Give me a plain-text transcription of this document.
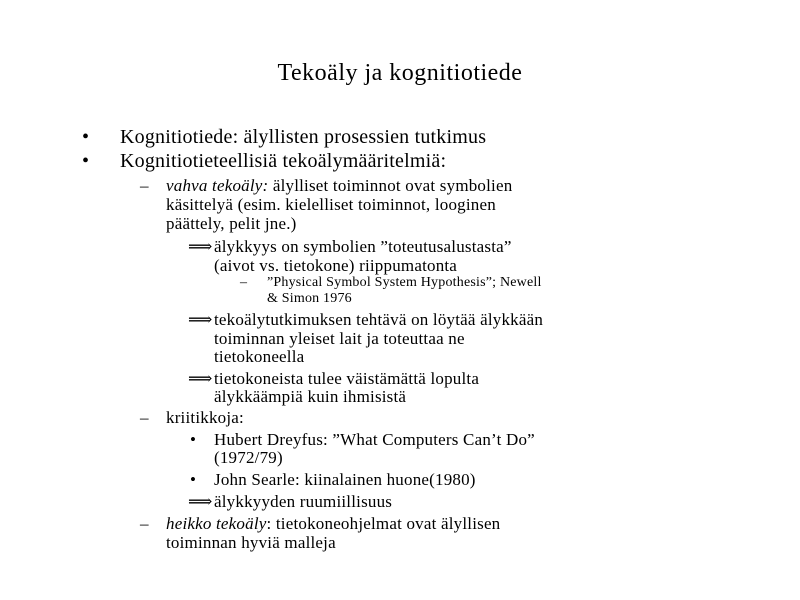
Tekoäly ja kognitiotiede
• Kognitiotiede: älyllisten prosessien tutkimus
• Kognitiotieteellisiä tekoälymääritelmiä:
– vahva tekoäly: älylliset toiminnot ovat symbolien
käsittelyä (esim. kielelliset toiminnot, looginen
päättely, pelit jne.)
⟹ älykkyys on symbolien ”toteutusalustasta”
(aivot vs. tietokone) riippumatonta
– ”Physical Symbol System Hypothesis”; Newell
& Simon 1976
⟹ tekoälytutkimuksen tehtävä on löytää älykkään
toiminnan yleiset lait ja toteuttaa ne
tietokoneella
⟹ tietokoneista tulee väistämättä lopulta
älykkäämpiä kuin ihmisistä
– kriitikkoja:
• Hubert Dreyfus: ”What Computers Can’t Do”
(1972/79)
• John Searle: kiinalainen huone(1980)
⟹ älykkyyden ruumiillisuus
– heikko tekoäly: tietokoneohjelmat ovat älyllisen
toiminnan hyviä malleja
